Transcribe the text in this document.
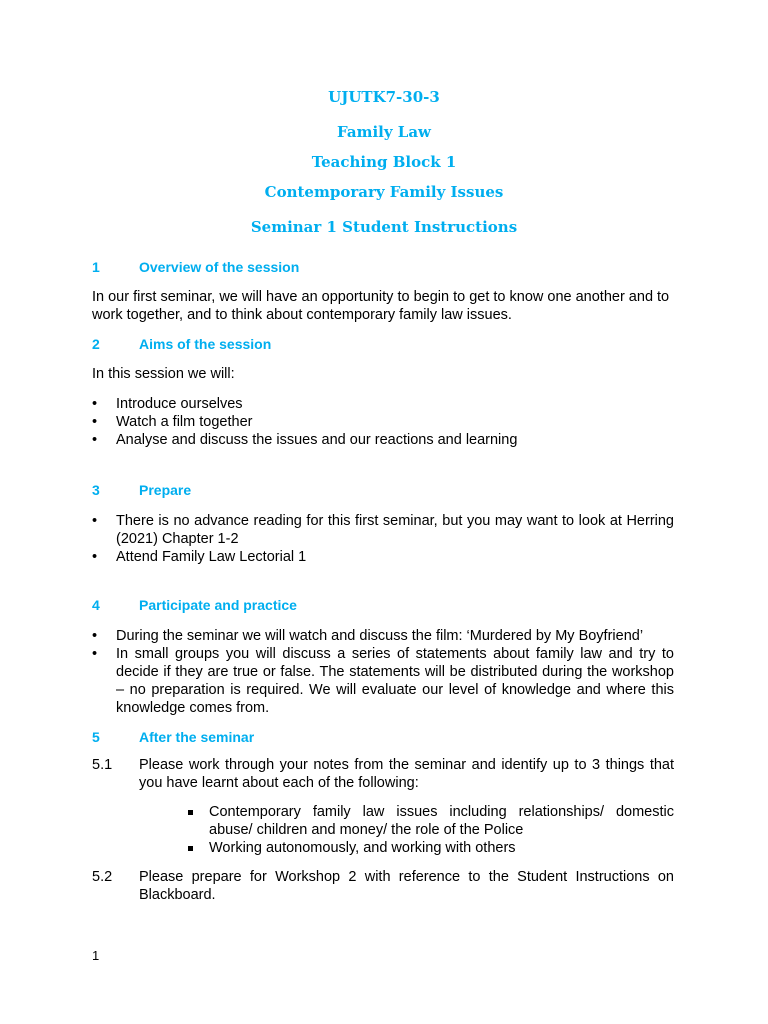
UJUTK7-30-3
Family Law
Teaching Block 1
Contemporary Family Issues
Seminar 1 Student Instructions
1	Overview of the session
In our first seminar, we will have an opportunity to begin to get to know one another and to work together, and to think about contemporary family law issues.
2	Aims of the session
In this session we will:
•	Introduce ourselves
•	Watch a film together
•	Analyse and discuss the issues and our reactions and learning
3	Prepare
•	There is no advance reading for this first seminar, but you may want to look at Herring (2021) Chapter 1-2
•	Attend Family Law Lectorial 1
4	Participate and practice
•	During the seminar we will watch and discuss the film: ‘Murdered by My Boyfriend’
•	In small groups you will discuss a series of statements about family law and try to decide if they are true or false. The statements will be distributed during the workshop – no preparation is required. We will evaluate our level of knowledge and where this knowledge comes from.
5	After the seminar
5.1 Please work through your notes from the seminar and identify up to 3 things that you have learnt about each of the following:
Contemporary family law issues including relationships/ domestic abuse/ children and money/ the role of the Police
Working autonomously, and working with others
5.2 Please prepare for Workshop 2 with reference to the Student Instructions on Blackboard.
1
